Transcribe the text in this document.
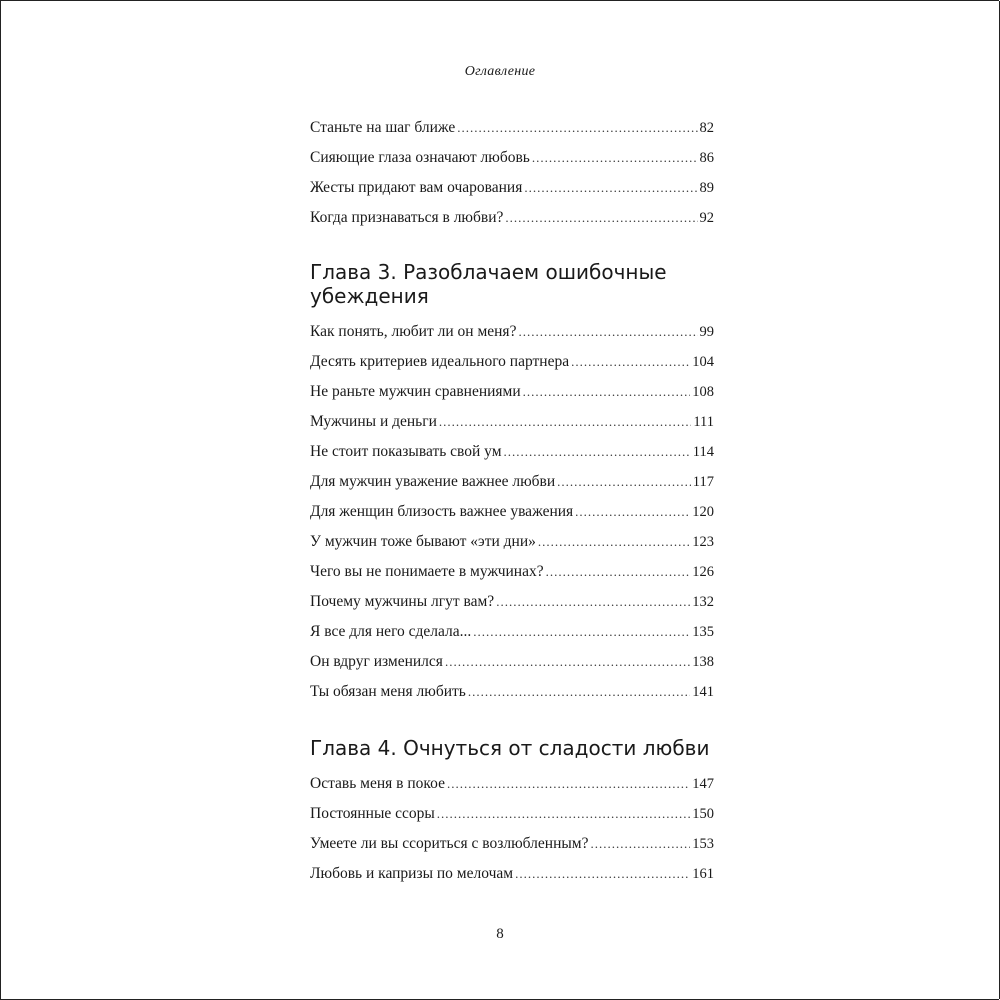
Оглавление
Станьте на шаг ближе .....	82
Сияющие глаза означают любовь .....	86
Жесты придают вам очарования .....	89
Когда признаваться в любви? .....	92
Глава 3. Разоблачаем ошибочные
убеждения
Как понять, любит ли он меня? .....	99
Десять критериев идеального партнера .....	104
Не раньте мужчин сравнениями .....	108
Мужчины и деньги .....	111
Не стоит показывать свой ум .....	114
Для мужчин уважение важнее любви .....	117
Для женщин близость важнее уважения .....	120
У мужчин тоже бывают «эти дни» .....	123
Чего вы не понимаете в мужчинах? .....	126
Почему мужчины лгут вам? .....	132
Я все для него сделала... .....	135
Он вдруг изменился .....	138
Ты обязан меня любить .....	141
Глава 4. Очнуться от сладости любви
Оставь меня в покое .....	147
Постоянные ссоры .....	150
Умеете ли вы ссориться с возлюбленным? .....	153
Любовь и капризы по мелочам .....	161
8
